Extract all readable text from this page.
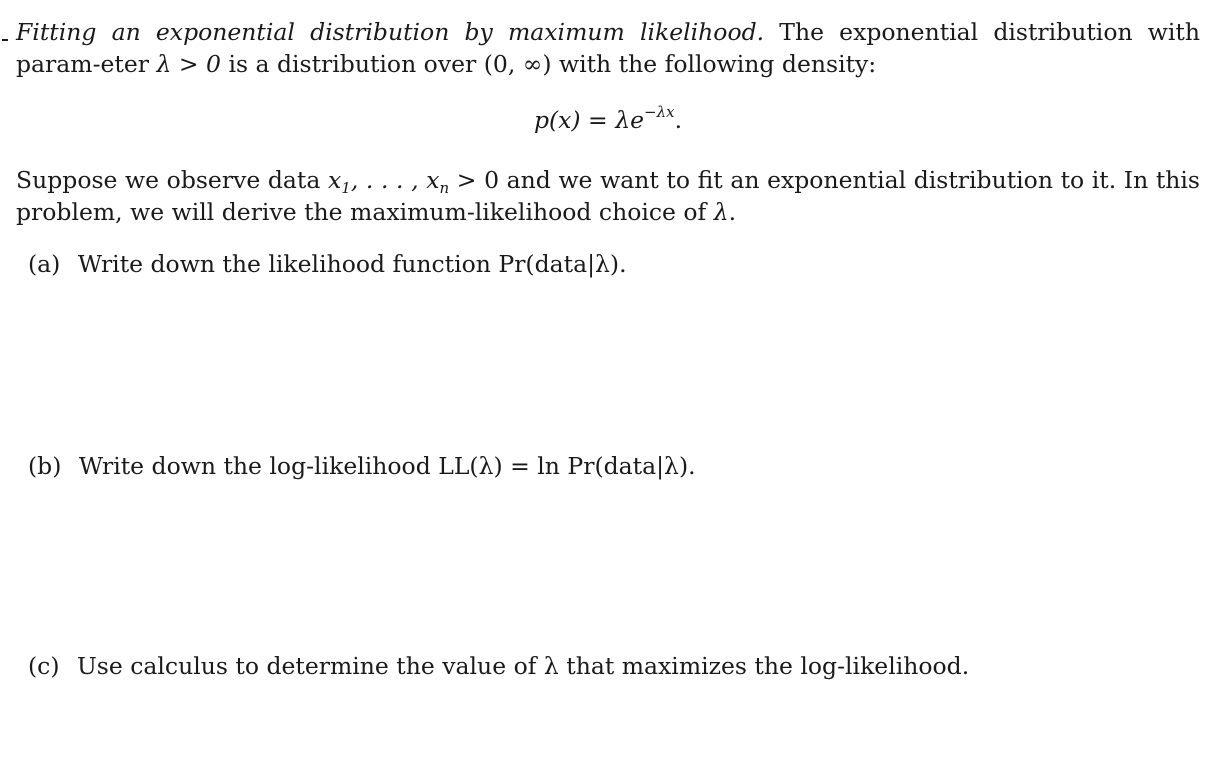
Fitting an exponential distribution by maximum likelihood. The exponential distribution with param-eter λ > 0 is a distribution over (0, ∞) with the following density:

$p(x) = \lambda e^{-\lambda x}$.

Suppose we observe data $x_1$, . . . , $x_n > 0$ and we want to fit an exponential distribution to it. In this problem, we will derive the maximum-likelihood choice of λ.

(a) Write down the likelihood function Pr(data|λ).
(b) Write down the log-likelihood LL(λ) = ln Pr(data|λ).
(c) Use calculus to determine the value of λ that maximizes the log-likelihood.
